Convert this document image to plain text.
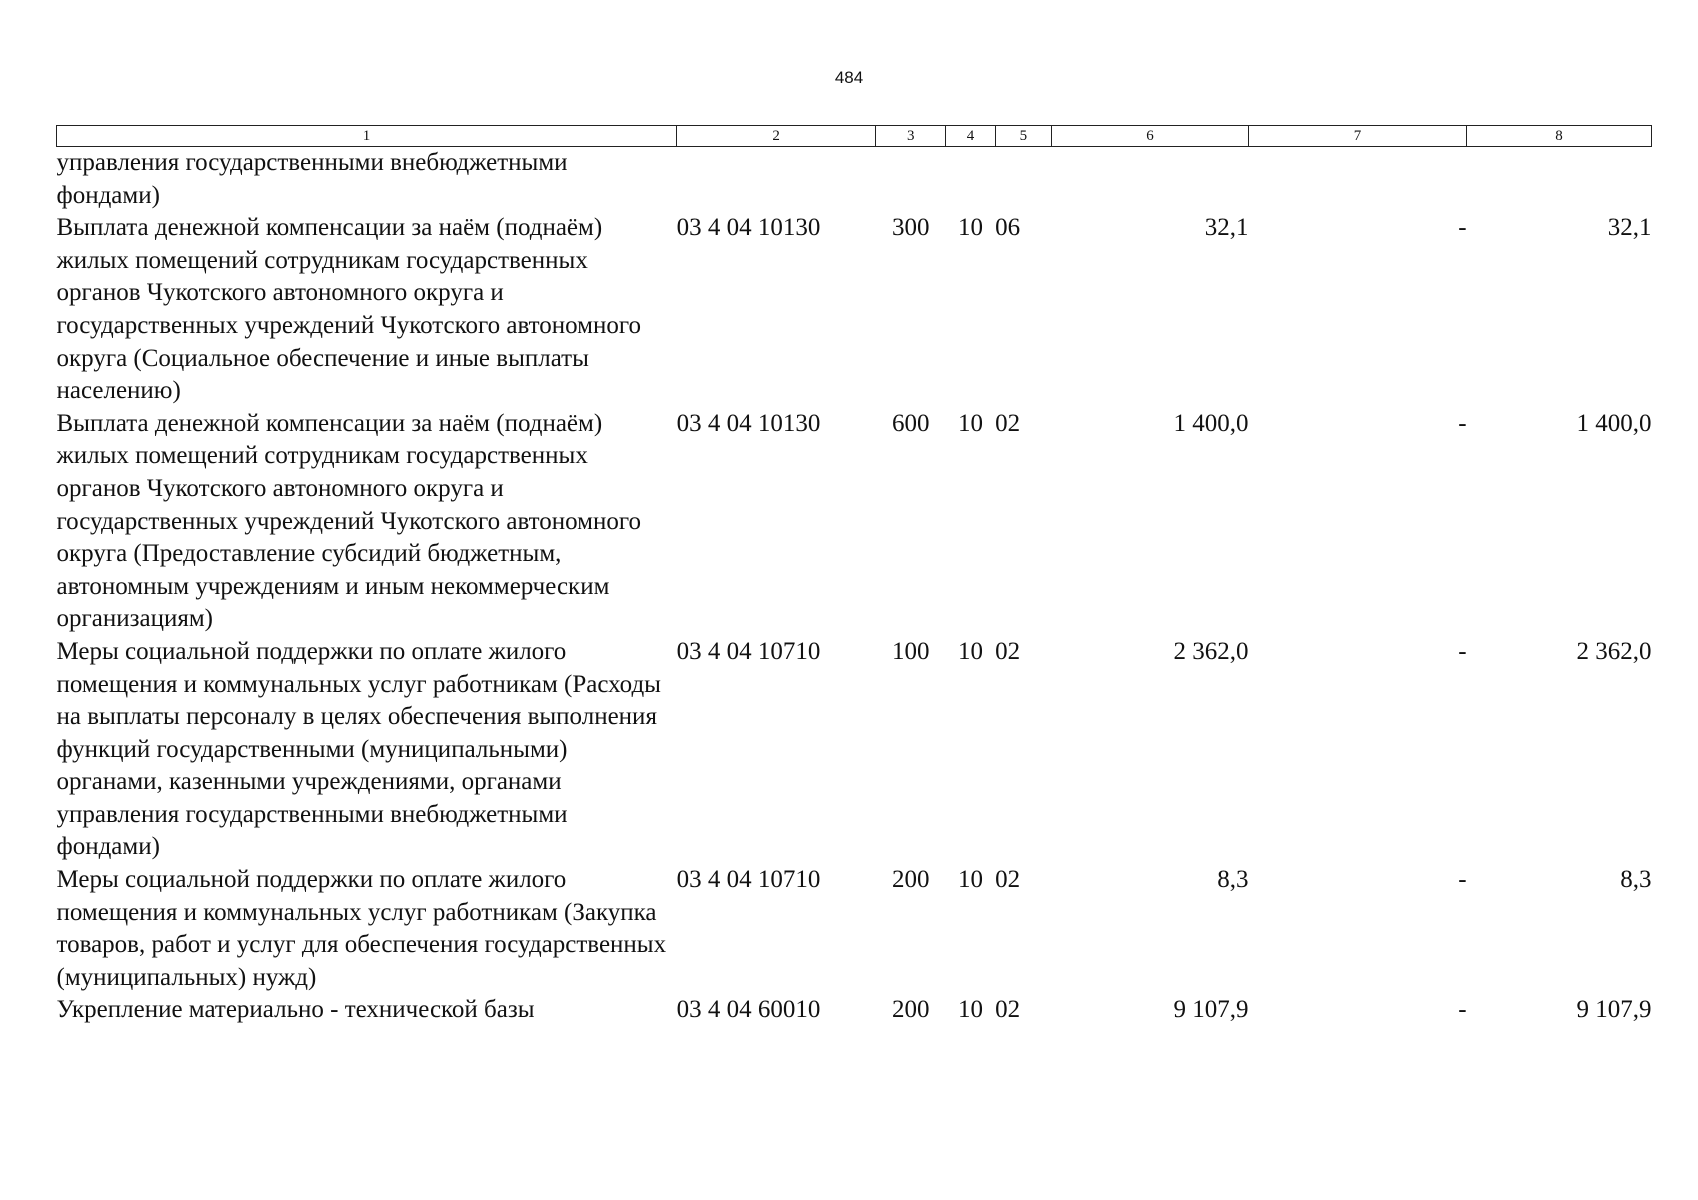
484
1	2	3	4	5	6	7	8
управления государственными внебюджетными фондами)							
Выплата денежной компенсации за наём (поднаём) жилых помещений сотрудникам государственных органов Чукотского автономного округа и государственных учреждений Чукотского автономного округа (Социальное обеспечение и иные выплаты населению)	03 4 04 10130	300	10	06	32,1	-	32,1
Выплата денежной компенсации за наём (поднаём) жилых помещений сотрудникам государственных органов Чукотского автономного округа и государственных учреждений Чукотского автономного округа (Предоставление субсидий бюджетным, автономным учреждениям и иным некоммерческим организациям)	03 4 04 10130	600	10	02	1 400,0	-	1 400,0
Меры социальной поддержки по оплате жилого помещения и коммунальных услуг работникам (Расходы на выплаты персоналу в целях обеспечения выполнения функций государственными (муниципальными) органами, казенными учреждениями, органами управления государственными внебюджетными фондами)	03 4 04 10710	100	10	02	2 362,0	-	2 362,0
Меры социальной поддержки по оплате жилого помещения и коммунальных услуг работникам (Закупка товаров, работ и услуг для обеспечения государственных (муниципальных) нужд)	03 4 04 10710	200	10	02	8,3	-	8,3
Укрепление материально - технической базы	03 4 04 60010	200	10	02	9 107,9	-	9 107,9
